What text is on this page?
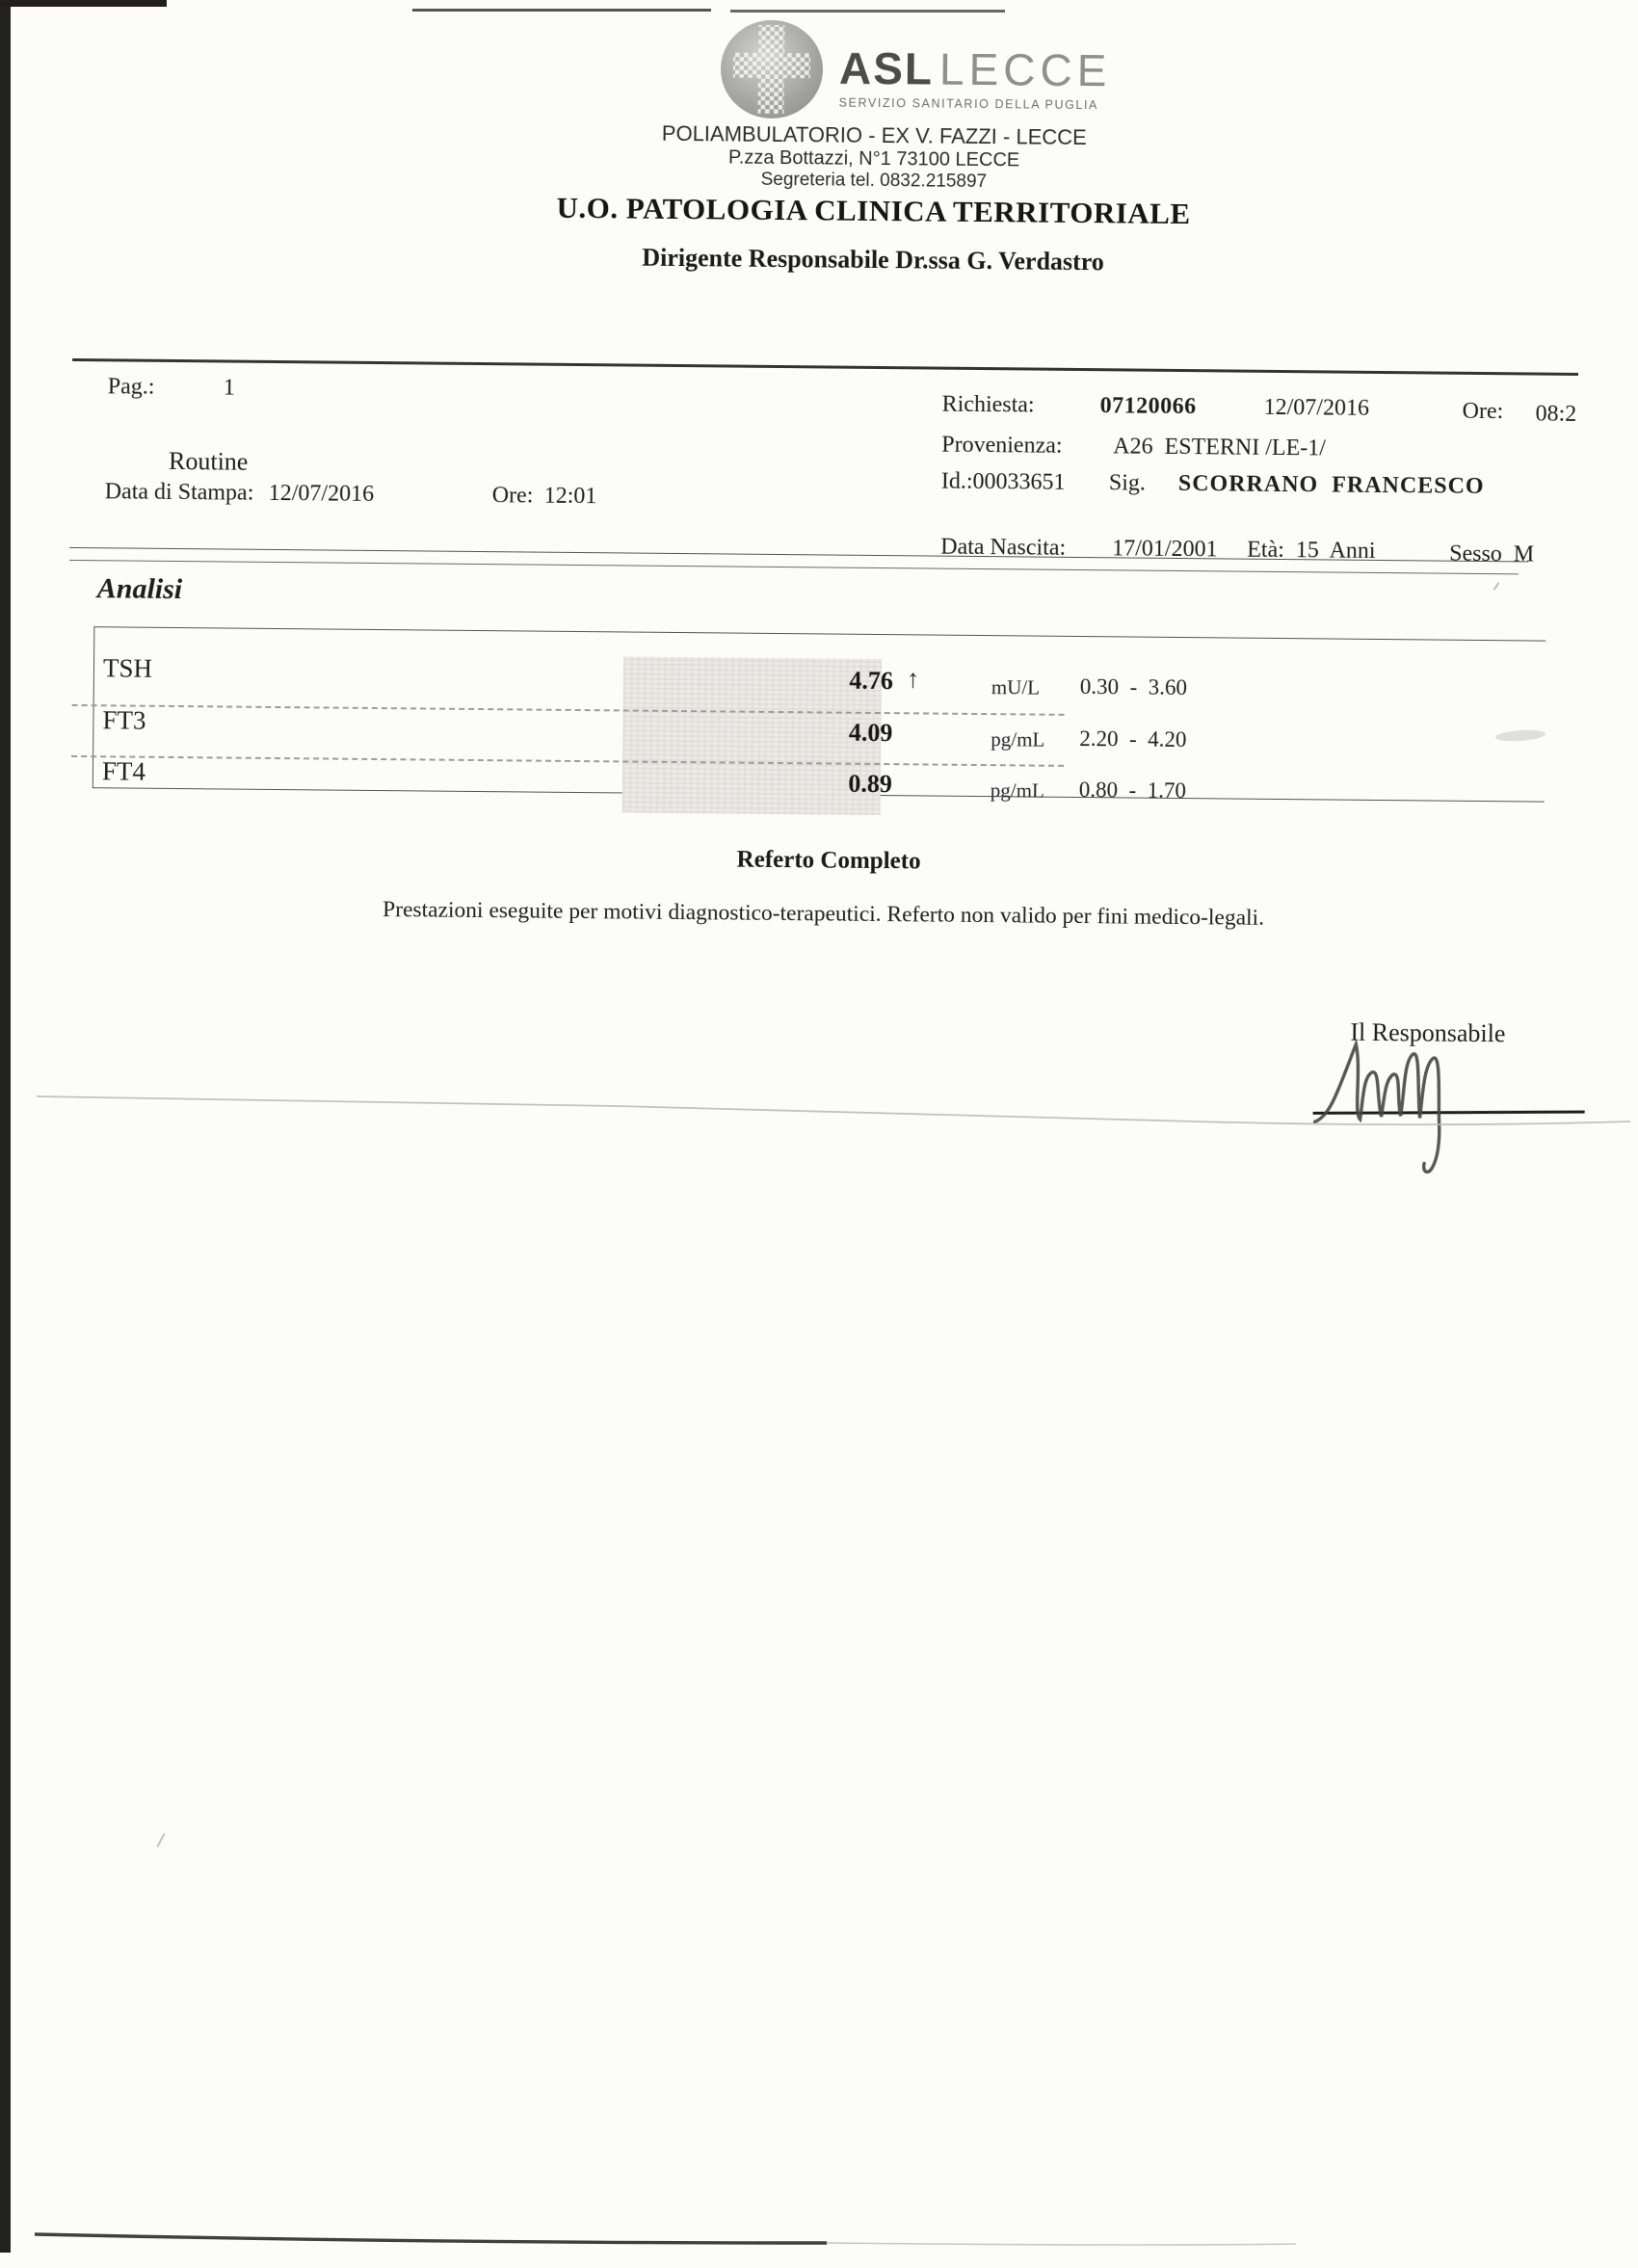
ASL LECCE
SERVIZIO SANITARIO DELLA PUGLIA
POLIAMBULATORIO - EX V. FAZZI - LECCE
P.zza Bottazzi, N°1 73100 LECCE
Segreteria tel. 0832.215897
U.O. PATOLOGIA CLINICA TERRITORIALE
Dirigente Responsabile Dr.ssa G. Verdastro
Pag.:	1
Routine
Data di Stampa: 12/07/2016	Ore: 12:01
Richiesta:	07120066	12/07/2016	Ore: 08:2
Provenienza: A26  ESTERNI /LE-1/
Id.:00033651 Sig. SCORRANO  FRANCESCO
Data Nascita: 17/01/2001 Età:  15  Anni	Sesso  M
Analisi
TSH	4.76 ↑	mU/L 0.30  -  3.60
FT3	4.09	pg/mL 2.20  -  4.20
FT4	0.89	pg/mL 0.80  -  1.70
Referto Completo
Prestazioni eseguite per motivi diagnostico-terapeutici. Referto non valido per fini medico-legali.
Il Responsabile
